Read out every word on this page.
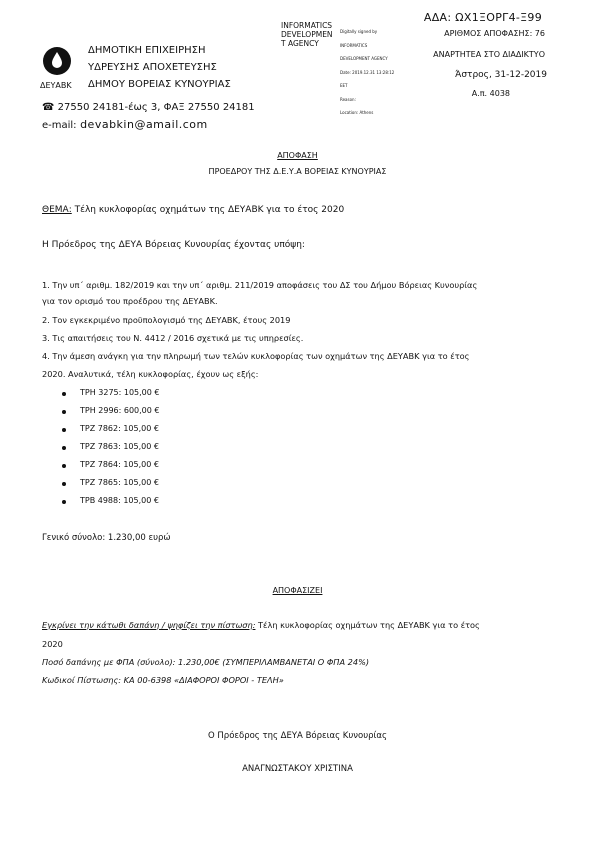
ΔΕΥΑΒΚ
ΔΗΜΟΤΙΚΗ ΕΠΙΧΕΙΡΗΣΗ
ΥΔΡΕΥΣΗΣ ΑΠΟΧΕΤΕΥΣΗΣ
ΔΗΜΟΥ ΒΟΡΕΙΑΣ ΚΥΝΟΥΡΙΑΣ
☎ 27550 24181-έως 3, ΦΑΞ 27550 24181
e-mail: devabkin@amail.com
INFORMATICS
DEVELOPMEN
T AGENCY

Digitally signed by

INFORMATICS

DEVELOPMENT AGENCY

Date: 2019.12.31 13:28:12

EET

Reason:

Location: Athens

ΑΔΑ: ΩΧ1ΞΟΡΓ4-Ξ99
ΑΡΙΘΜΟΣ ΑΠΟΦΑΣΗΣ: 76
ΑΝΑΡΤΗΤΕΑ ΣΤΟ ΔΙΑΔΙΚΤΥΟ
Άστρος, 31-12-2019
Α.π. 4038
ΑΠΟΦΑΣΗ
ΠΡΟΕΔΡΟΥ ΤΗΣ Δ.Ε.Υ.Α ΒΟΡΕΙΑΣ ΚΥΝΟΥΡΙΑΣ
ΘΕΜΑ: Τέλη κυκλοφορίας οχημάτων της ΔΕΥΑΒΚ για το έτος 2020
Η Πρόεδρος της ΔΕΥΑ Βόρειας Κυνουρίας έχοντας υπόψη:
1. Την υπ΄ αριθμ. 182/2019 και την υπ΄ αριθμ. 211/2019 αποφάσεις του ΔΣ του Δήμου Βόρειας Κυνουρίας
για τον ορισμό του προέδρου της ΔΕΥΑΒΚ.
2. Τον εγκεκριμένο προϋπολογισμό της ΔΕΥΑΒΚ, έτους 2019
3. Τις απαιτήσεις του Ν. 4412 / 2016 σχετικά με τις υπηρεσίες.
4. Την άμεση ανάγκη για την πληρωμή των τελών κυκλοφορίας των οχημάτων της ΔΕΥΑΒΚ για το έτος
2020. Αναλυτικά, τέλη κυκλοφορίας, έχουν ως εξής:
ΤΡΗ 3275: 105,00 €
ΤΡΗ 2996: 600,00 €
ΤΡΖ 7862: 105,00 €
ΤΡΖ 7863: 105,00 €
ΤΡΖ 7864: 105,00 €
ΤΡΖ 7865: 105,00 €
ΤΡΒ 4988: 105,00 €
Γενικό σύνολο: 1.230,00 ευρώ
ΑΠΟΦΑΣΙΖΕΙ
Εγκρίνει την κάτωθι δαπάνη / ψηφίζει την πίστωση: Τέλη κυκλοφορίας οχημάτων της ΔΕΥΑΒΚ για το έτος
2020
Ποσό δαπάνης με ΦΠΑ (σύνολο): 1.230,00€ (ΣΥΜΠΕΡΙΛΑΜΒΑΝΕΤΑΙ Ο ΦΠΑ 24%)
Κωδικοί Πίστωσης: ΚΑ 00-6398 «ΔΙΑΦΟΡΟΙ ΦΟΡΟΙ - ΤΕΛΗ»
Ο Πρόεδρος της ΔΕΥΑ Βόρειας Κυνουρίας
ΑΝΑΓΝΩΣΤΑΚΟΥ ΧΡΙΣΤΙΝΑ
